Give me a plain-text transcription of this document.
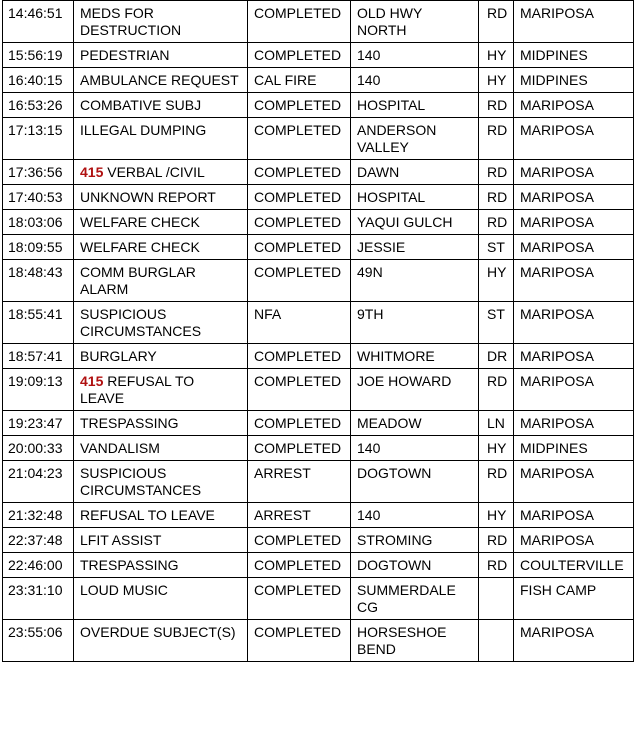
14:46:51	MEDS FOR DESTRUCTION	COMPLETED	OLD HWY NORTH	RD	MARIPOSA
15:56:19	PEDESTRIAN	COMPLETED	140	HY	MIDPINES
16:40:15	AMBULANCE REQUEST	CAL FIRE	140	HY	MIDPINES
16:53:26	COMBATIVE SUBJ	COMPLETED	HOSPITAL	RD	MARIPOSA
17:13:15	ILLEGAL DUMPING	COMPLETED	ANDERSON VALLEY	RD	MARIPOSA
17:36:56	415 VERBAL /CIVIL	COMPLETED	DAWN	RD	MARIPOSA
17:40:53	UNKNOWN REPORT	COMPLETED	HOSPITAL	RD	MARIPOSA
18:03:06	WELFARE CHECK	COMPLETED	YAQUI GULCH	RD	MARIPOSA
18:09:55	WELFARE CHECK	COMPLETED	JESSIE	ST	MARIPOSA
18:48:43	COMM BURGLAR ALARM	COMPLETED	49N	HY	MARIPOSA
18:55:41	SUSPICIOUS CIRCUMSTANCES	NFA	9TH	ST	MARIPOSA
18:57:41	BURGLARY	COMPLETED	WHITMORE	DR	MARIPOSA
19:09:13	415 REFUSAL TO LEAVE	COMPLETED	JOE HOWARD	RD	MARIPOSA
19:23:47	TRESPASSING	COMPLETED	MEADOW	LN	MARIPOSA
20:00:33	VANDALISM	COMPLETED	140	HY	MIDPINES
21:04:23	SUSPICIOUS CIRCUMSTANCES	ARREST	DOGTOWN	RD	MARIPOSA
21:32:48	REFUSAL TO LEAVE	ARREST	140	HY	MARIPOSA
22:37:48	LFIT ASSIST	COMPLETED	STROMING	RD	MARIPOSA
22:46:00	TRESPASSING	COMPLETED	DOGTOWN	RD	COULTERVILLE
23:31:10	LOUD MUSIC	COMPLETED	SUMMERDALE CG		FISH CAMP
23:55:06	OVERDUE SUBJECT(S)	COMPLETED	HORSESHOE BEND		MARIPOSA
